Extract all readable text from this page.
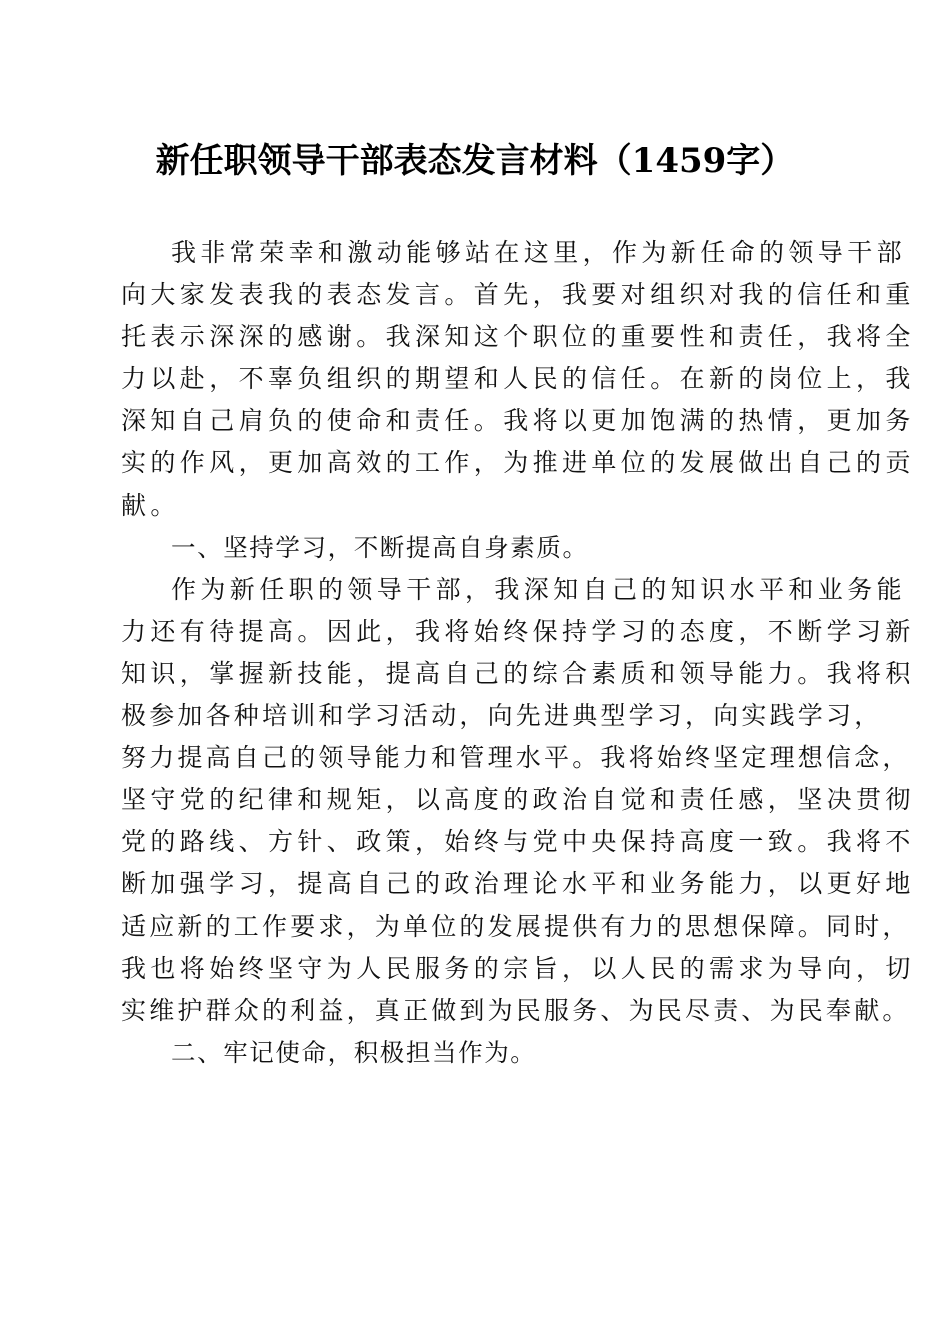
新任职领导干部表态发言材料（1459字）
我非常荣幸和激动能够站在这里，作为新任命的领导干部
向大家发表我的表态发言。首先，我要对组织对我的信任和重
托表示深深的感谢。我深知这个职位的重要性和责任，我将全
力以赴，不辜负组织的期望和人民的信任。在新的岗位上，我
深知自己肩负的使命和责任。我将以更加饱满的热情，更加务
实的作风，更加高效的工作，为推进单位的发展做出自己的贡
献。
一、坚持学习，不断提高自身素质。
作为新任职的领导干部，我深知自己的知识水平和业务能
力还有待提高。因此，我将始终保持学习的态度，不断学习新
知识，掌握新技能，提高自己的综合素质和领导能力。我将积
极参加各种培训和学习活动，向先进典型学习，向实践学习，
努力提高自己的领导能力和管理水平。我将始终坚定理想信念，
坚守党的纪律和规矩，以高度的政治自觉和责任感，坚决贯彻
党的路线、方针、政策，始终与党中央保持高度一致。我将不
断加强学习，提高自己的政治理论水平和业务能力，以更好地
适应新的工作要求，为单位的发展提供有力的思想保障。同时，
我也将始终坚守为人民服务的宗旨，以人民的需求为导向，切
实维护群众的利益，真正做到为民服务、为民尽责、为民奉献。
二、牢记使命，积极担当作为。
